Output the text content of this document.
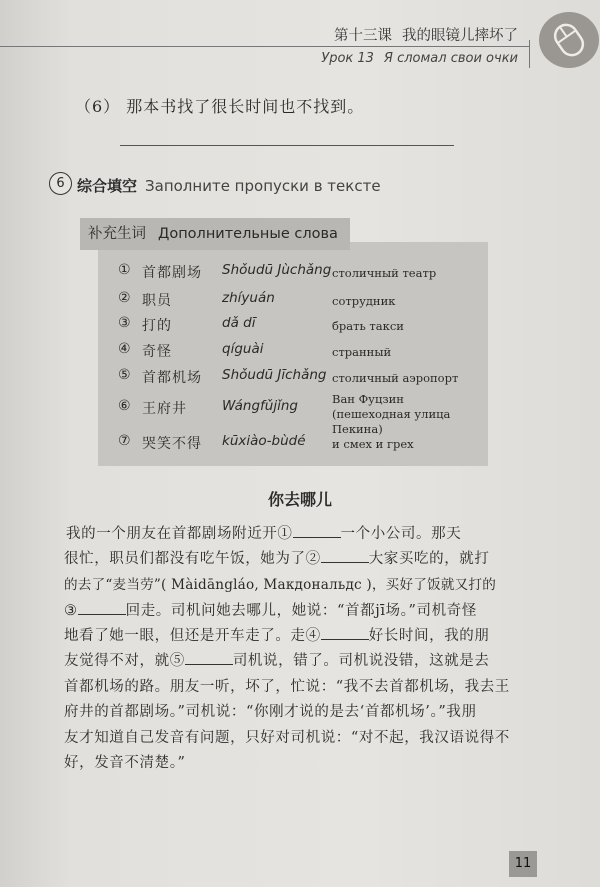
第十三课 我的眼镜儿摔坏了
Урок 13 Я сломал свои очки
（6） 那本书找了很长时间也不找到。
6 综合填空 Заполните пропуски в тексте
补充生词 Дополнительные слова
① 首都剧场	Shǒudū Jùchǎng столичный театр
② 职员	zhíyuán	сотрудник
③ 打的	dǎ dī	брать такси
④ 奇怪	qíguài	странный
⑤ 首都机场	Shǒudū Jīchǎng столичный аэропорт
⑥ 王府井	Wángfǔjǐng	Ван Фуцзин (пешеходная улица Пекина)
⑦ 哭笑不得	kūxiào-bùdé	и смех и грех
你去哪儿
我的一个朋友在首都剧场附近开①	一个小公司。那天
很忙，职员们都没有吃午饭，她为了②	大家买吃的，就打
的去了“麦当劳”( Màidāngláo, Макдональдс )，买好了饭就又打的
③	回走。司机问她去哪儿，她说：“首都jī场。”司机奇怪
地看了她一眼，但还是开车走了。走④	好长时间，我的朋
友觉得不对，就⑤	司机说，错了。司机说没错，这就是去
首都机场的路。朋友一听，坏了，忙说：“我不去首都机场，我去王
府井的首都剧场。”司机说：“你刚才说的是去‘首都机场’。”我朋
友才知道自己发音有问题，只好对司机说：“对不起，我汉语说得不
好，发音不清楚。”
11
